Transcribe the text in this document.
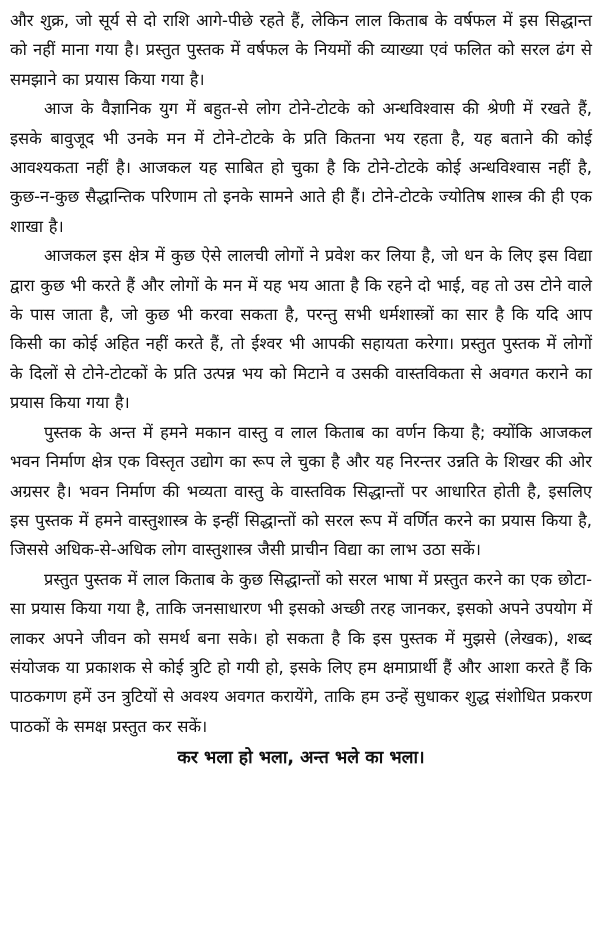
और शुक्र, जो सूर्य से दो राशि आगे-पीछे रहते हैं, लेकिन लाल किताब के वर्षफल में इस सिद्धान्त को नहीं माना गया है। प्रस्तुत पुस्तक में वर्षफल के नियमों की व्याख्या एवं फलित को सरल ढंग से समझाने का प्रयास किया गया है।

आज के वैज्ञानिक युग में बहुत-से लोग टोने-टोटके को अन्धविश्वास की श्रेणी में रखते हैं, इसके बावुजूद भी उनके मन में टोने-टोटके के प्रति कितना भय रहता है, यह बताने की कोई आवश्यकता नहीं है। आजकल यह साबित हो चुका है कि टोने-टोटके कोई अन्धविश्वास नहीं है, कुछ-न-कुछ सैद्धान्तिक परिणाम तो इनके सामने आते ही हैं। टोने-टोटके ज्योतिष शास्त्र की ही एक शाखा है।

आजकल इस क्षेत्र में कुछ ऐसे लालची लोगों ने प्रवेश कर लिया है, जो धन के लिए इस विद्या द्वारा कुछ भी करते हैं और लोगों के मन में यह भय आता है कि रहने दो भाई, वह तो उस टोने वाले के पास जाता है, जो कुछ भी करवा सकता है, परन्तु सभी धर्मशास्त्रों का सार है कि यदि आप किसी का कोई अहित नहीं करते हैं, तो ईश्वर भी आपकी सहायता करेगा। प्रस्तुत पुस्तक में लोगों के दिलों से टोने-टोटकों के प्रति उत्पन्न भय को मिटाने व उसकी वास्तविकता से अवगत कराने का प्रयास किया गया है।

पुस्तक के अन्त में हमने मकान वास्तु व लाल किताब का वर्णन किया है; क्योंकि आजकल भवन निर्माण क्षेत्र एक विस्तृत उद्योग का रूप ले चुका है और यह निरन्तर उन्नति के शिखर की ओर अग्रसर है। भवन निर्माण की भव्यता वास्तु के वास्तविक सिद्धान्तों पर आधारित होती है, इसलिए इस पुस्तक में हमने वास्तुशास्त्र के इन्हीं सिद्धान्तों को सरल रूप में वर्णित करने का प्रयास किया है, जिससे अधिक-से-अधिक लोग वास्तुशास्त्र जैसी प्राचीन विद्या का लाभ उठा सकें।

प्रस्तुत पुस्तक में लाल किताब के कुछ सिद्धान्तों को सरल भाषा में प्रस्तुत करने का एक छोटा-सा प्रयास किया गया है, ताकि जनसाधारण भी इसको अच्छी तरह जानकर, इसको अपने उपयोग में लाकर अपने जीवन को समर्थ बना सके। हो सकता है कि इस पुस्तक में मुझसे (लेखक), शब्द संयोजक या प्रकाशक से कोई त्रुटि हो गयी हो, इसके लिए हम क्षमाप्रार्थी हैं और आशा करते हैं कि पाठकगण हमें उन त्रुटियों से अवश्य अवगत करायेंगे, ताकि हम उन्हें सुधाकर शुद्ध संशोधित प्रकरण पाठकों के समक्ष प्रस्तुत कर सकें।

कर भला हो भला, अन्त भले का भला।
